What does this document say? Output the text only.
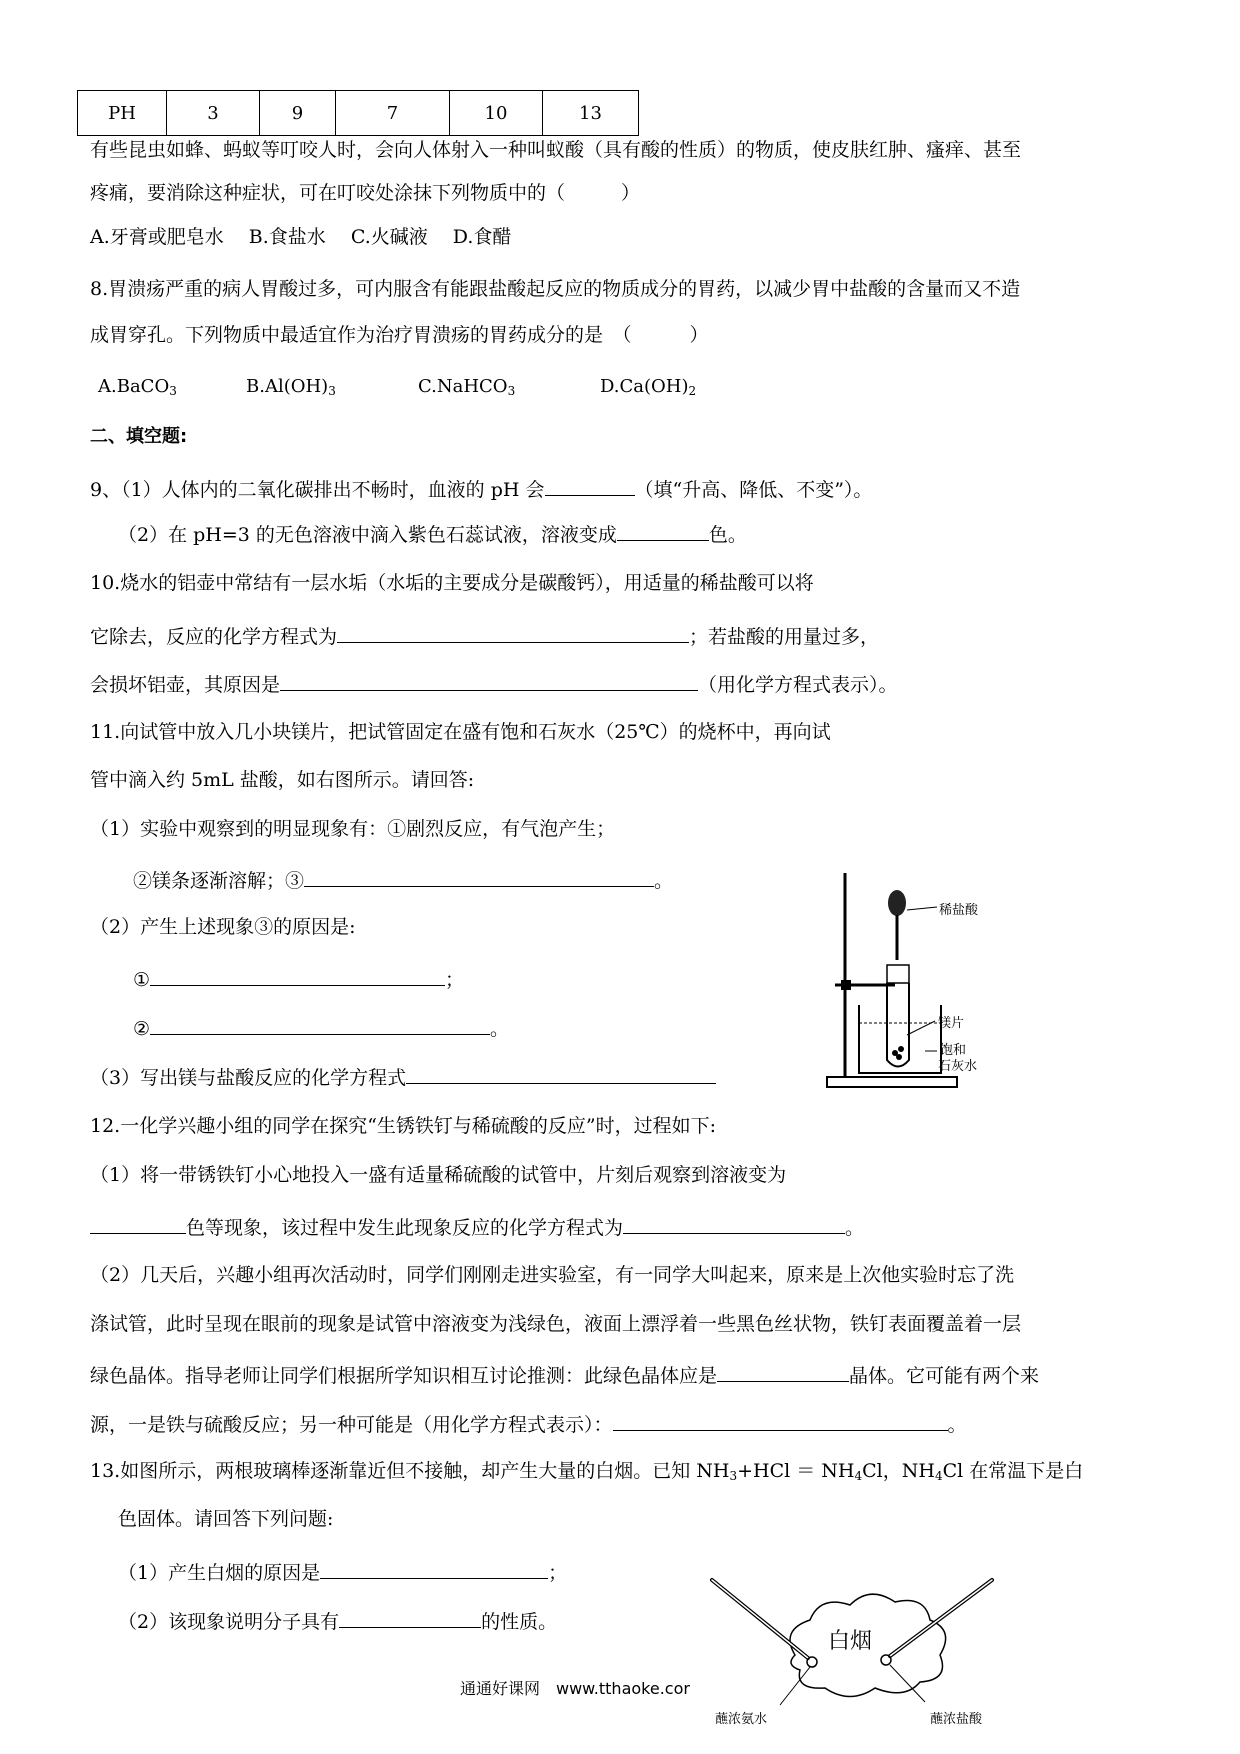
PH	3	9	7	10	13
有些昆虫如蜂、蚂蚁等叮咬人时，会向人体射入一种叫蚁酸（具有酸的性质）的物质，使皮肤红肿、瘙痒、甚至
疼痛，要消除这种症状，可在叮咬处涂抹下列物质中的（	）
A.牙膏或肥皂水　 B.食盐水　 C.火碱液　 D.食醋
8.胃溃疡严重的病人胃酸过多，可内服含有能跟盐酸起反应的物质成分的胃药，以减少胃中盐酸的含量而又不造
成胃穿孔。下列物质中最适宜作为治疗胃溃疡的胃药成分的是　（	）
A.BaCO$_3$	$B.Al(OH)_3$	C.NaHCO$_3$	$D.Ca(OH)_2$
二、填空题:
9、（1）人体内的二氧化碳排出不畅时，血液的 pH 会	（填“升高、降低、不变”）。
（2）在 pH=3 的无色溶液中滴入紫色石蕊试液，溶液变成	色。
10.烧水的铝壶中常结有一层水垢（水垢的主要成分是碳酸钙），用适量的稀盐酸可以将
它除去，反应的化学方程式为	；若盐酸的用量过多，
会损坏铝壶，其原因是	（用化学方程式表示）。
11.向试管中放入几小块镁片，把试管固定在盛有饱和石灰水（25℃）的烧杯中，再向试
管中滴入约 5mL 盐酸，如右图所示。请回答:
（1）实验中观察到的明显现象有：①剧烈反应，有气泡产生；
②镁条逐渐溶解；③	。
（2）产生上述现象③的原因是:
①	；
②	。
（3）写出镁与盐酸反应的化学方程式
稀盐酸
镁片
饱和
石灰水
12.一化学兴趣小组的同学在探究“生锈铁钉与稀硫酸的反应”时，过程如下:
（1）将一带锈铁钉小心地投入一盛有适量稀硫酸的试管中，片刻后观察到溶液变为
色等现象，该过程中发生此现象反应的化学方程式为	。
（2）几天后，兴趣小组再次活动时，同学们刚刚走进实验室，有一同学大叫起来，原来是上次他实验时忘了洗
涤试管，此时呈现在眼前的现象是试管中溶液变为浅绿色，液面上漂浮着一些黑色丝状物，铁钉表面覆盖着一层
绿色晶体。指导老师让同学们根据所学知识相互讨论推测：此绿色晶体应是	晶体。它可能有两个来
源，一是铁与硫酸反应；另一种可能是（用化学方程式表示）：	。
13.如图所示，两根玻璃棒逐渐靠近但不接触，却产生大量的白烟。已知 $NH_3+HCl = NH_4Cl$，$NH_4Cl$ 在常温下是白
色固体。请回答下列问题:
（1）产生白烟的原因是	；
（2）该现象说明分子具有	的性质。
白烟
蘸浓氨水	蘸浓盐酸
通通好课网　www.tthaoke.cor
